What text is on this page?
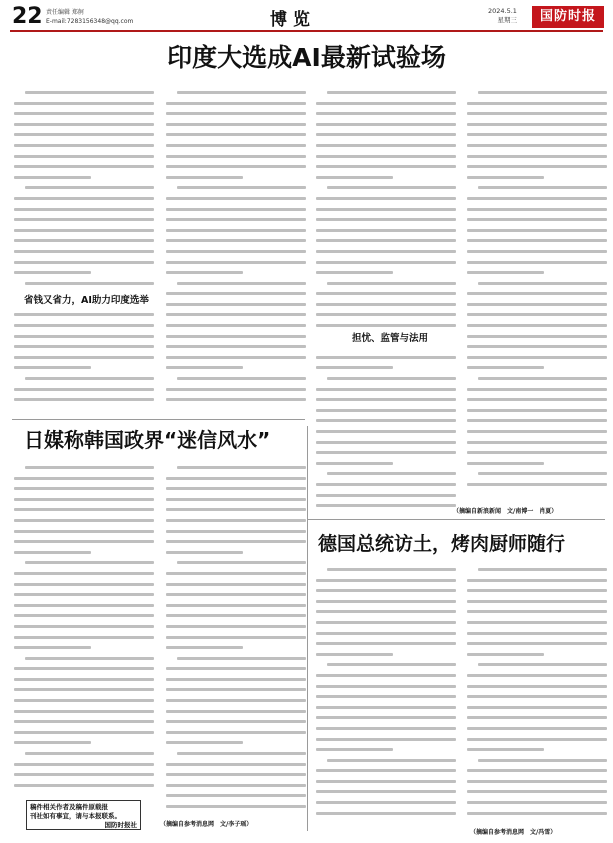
22 责任编辑 郑舸
E-mail:7283156348@qq.com	博览	2024.5.1
星期三	国防时报
印度大选成AI最新试验场
省钱又省力，AI助力印度选举
担忧、监管与法用
（摘编自新浪新闻　文/南博一　肖夏）
日媒称韩国政界“迷信风水”
（摘编自参考消息网　文/李子瑶）
稿件相关作者及稿件原载报
刊社如有事宜，请与本报联系。
国防时报社
德国总统访土，烤肉厨师随行
（摘编自参考消息网　文/冯雪）
